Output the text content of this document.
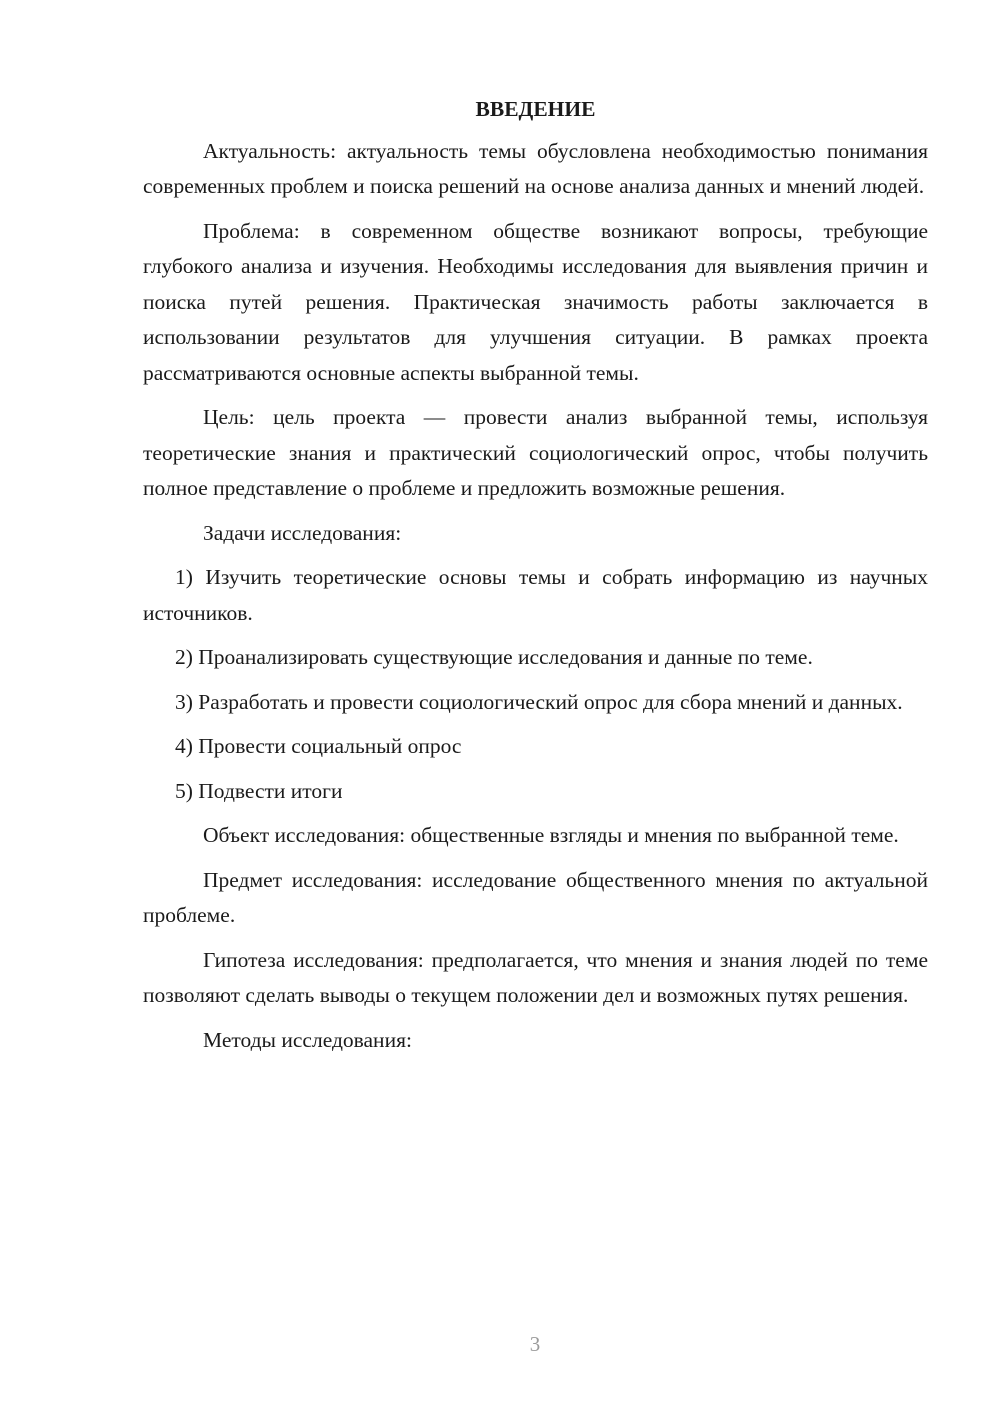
ВВЕДЕНИЕ

Актуальность: актуальность темы обусловлена необходимостью понимания современных проблем и поиска решений на основе анализа данных и мнений людей.

Проблема: в современном обществе возникают вопросы, требующие глубокого анализа и изучения. Необходимы исследования для выявления причин и поиска путей решения. Практическая значимость работы заключается в использовании результатов для улучшения ситуации. В рамках проекта рассматриваются основные аспекты выбранной темы.

Цель: цель проекта — провести анализ выбранной темы, используя теоретические знания и практический социологический опрос, чтобы получить полное представление о проблеме и предложить возможные решения.

Задачи исследования:

1) Изучить теоретические основы темы и собрать информацию из научных источников.

2) Проанализировать существующие исследования и данные по теме.

3) Разработать и провести социологический опрос для сбора мнений и данных.

4) Провести социальный опрос

5) Подвести итоги

Объект исследования: общественные взгляды и мнения по выбранной теме.

Предмет исследования: исследование общественного мнения по актуальной проблеме.

Гипотеза исследования: предполагается, что мнения и знания людей по теме позволяют сделать выводы о текущем положении дел и возможных путях решения.

Методы исследования:

3
